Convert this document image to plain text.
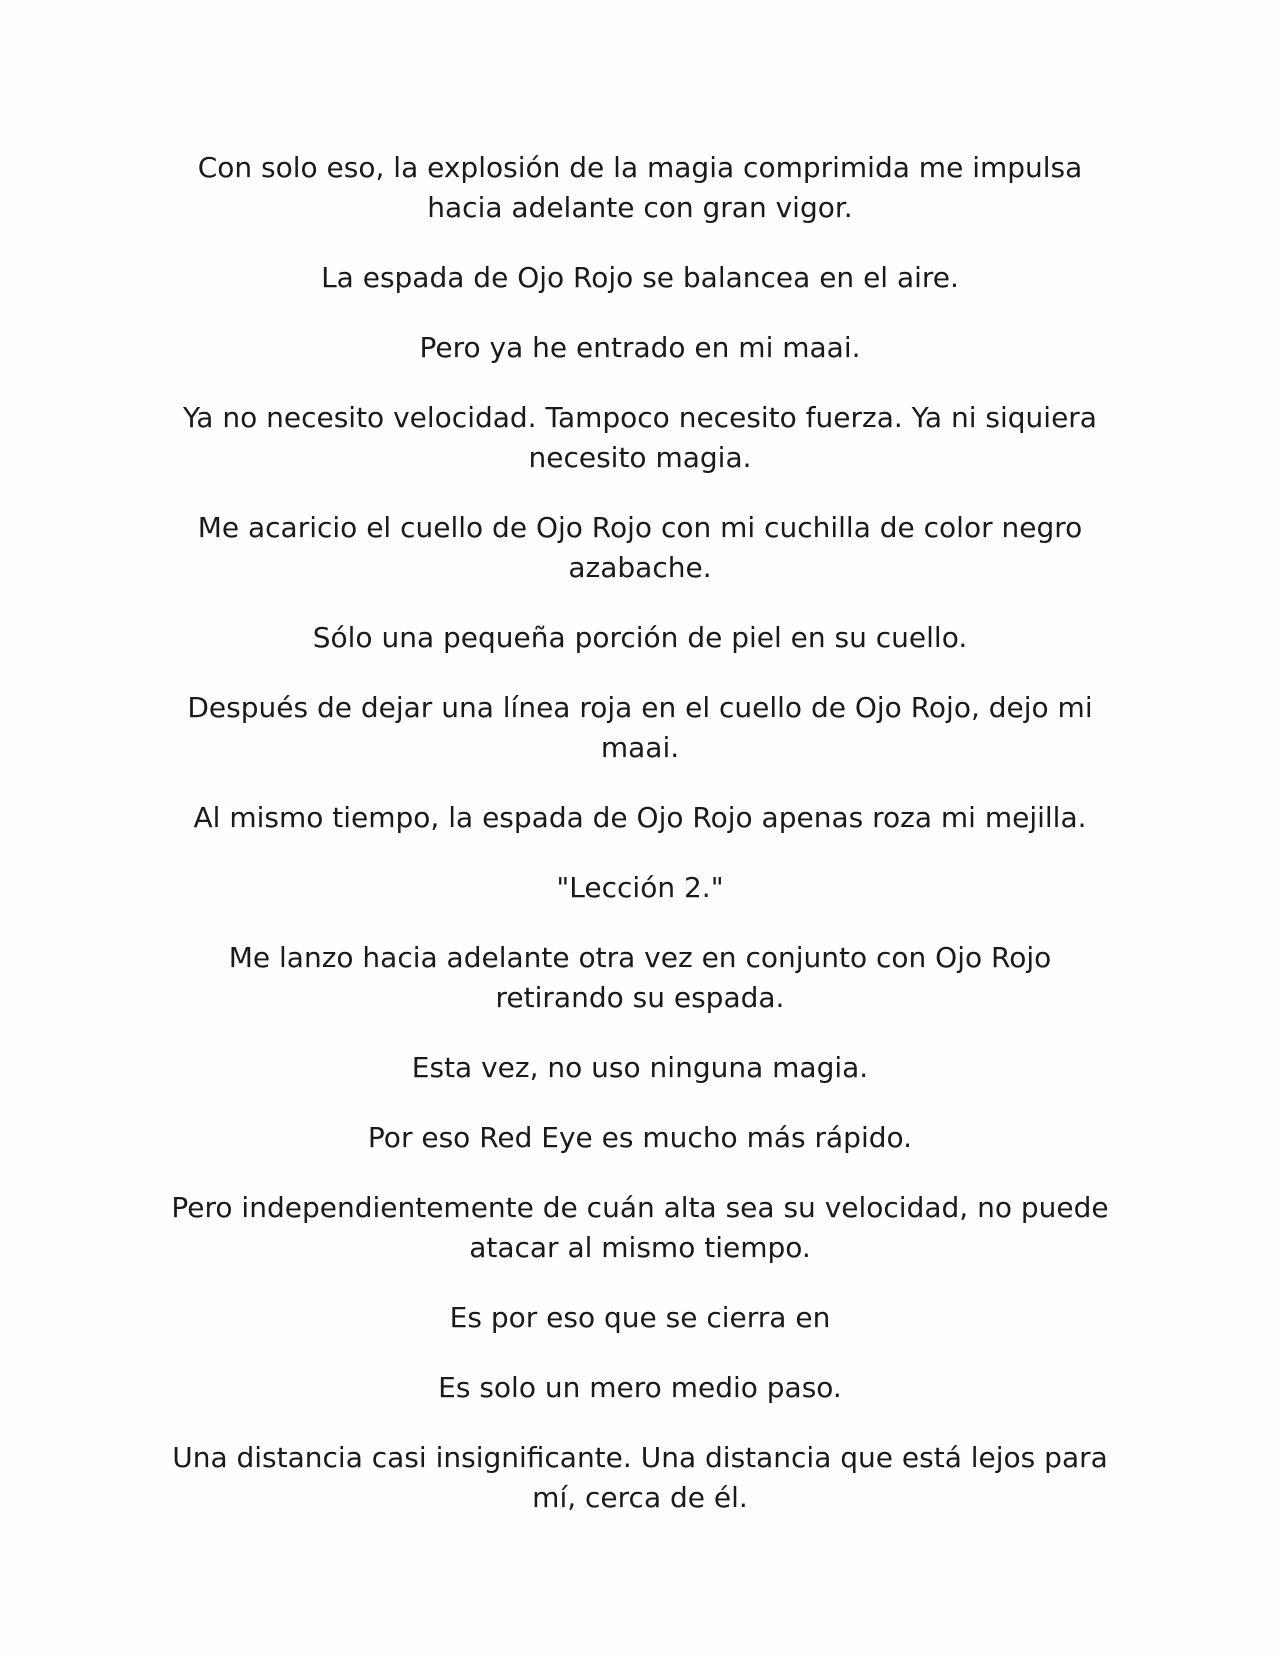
Con solo eso, la explosión de la magia comprimida me impulsa hacia adelante con gran vigor.

La espada de Ojo Rojo se balancea en el aire.

Pero ya he entrado en mi maai.

Ya no necesito velocidad. Tampoco necesito fuerza. Ya ni siquiera necesito magia.

Me acaricio el cuello de Ojo Rojo con mi cuchilla de color negro azabache.

Sólo una pequeña porción de piel en su cuello.

Después de dejar una línea roja en el cuello de Ojo Rojo, dejo mi maai.

Al mismo tiempo, la espada de Ojo Rojo apenas roza mi mejilla.

"Lección 2."

Me lanzo hacia adelante otra vez en conjunto con Ojo Rojo retirando su espada.

Esta vez, no uso ninguna magia.

Por eso Red Eye es mucho más rápido.

Pero independientemente de cuán alta sea su velocidad, no puede atacar al mismo tiempo.

Es por eso que se cierra en

Es solo un mero medio paso.

Una distancia casi insignificante. Una distancia que está lejos para mí, cerca de él.
